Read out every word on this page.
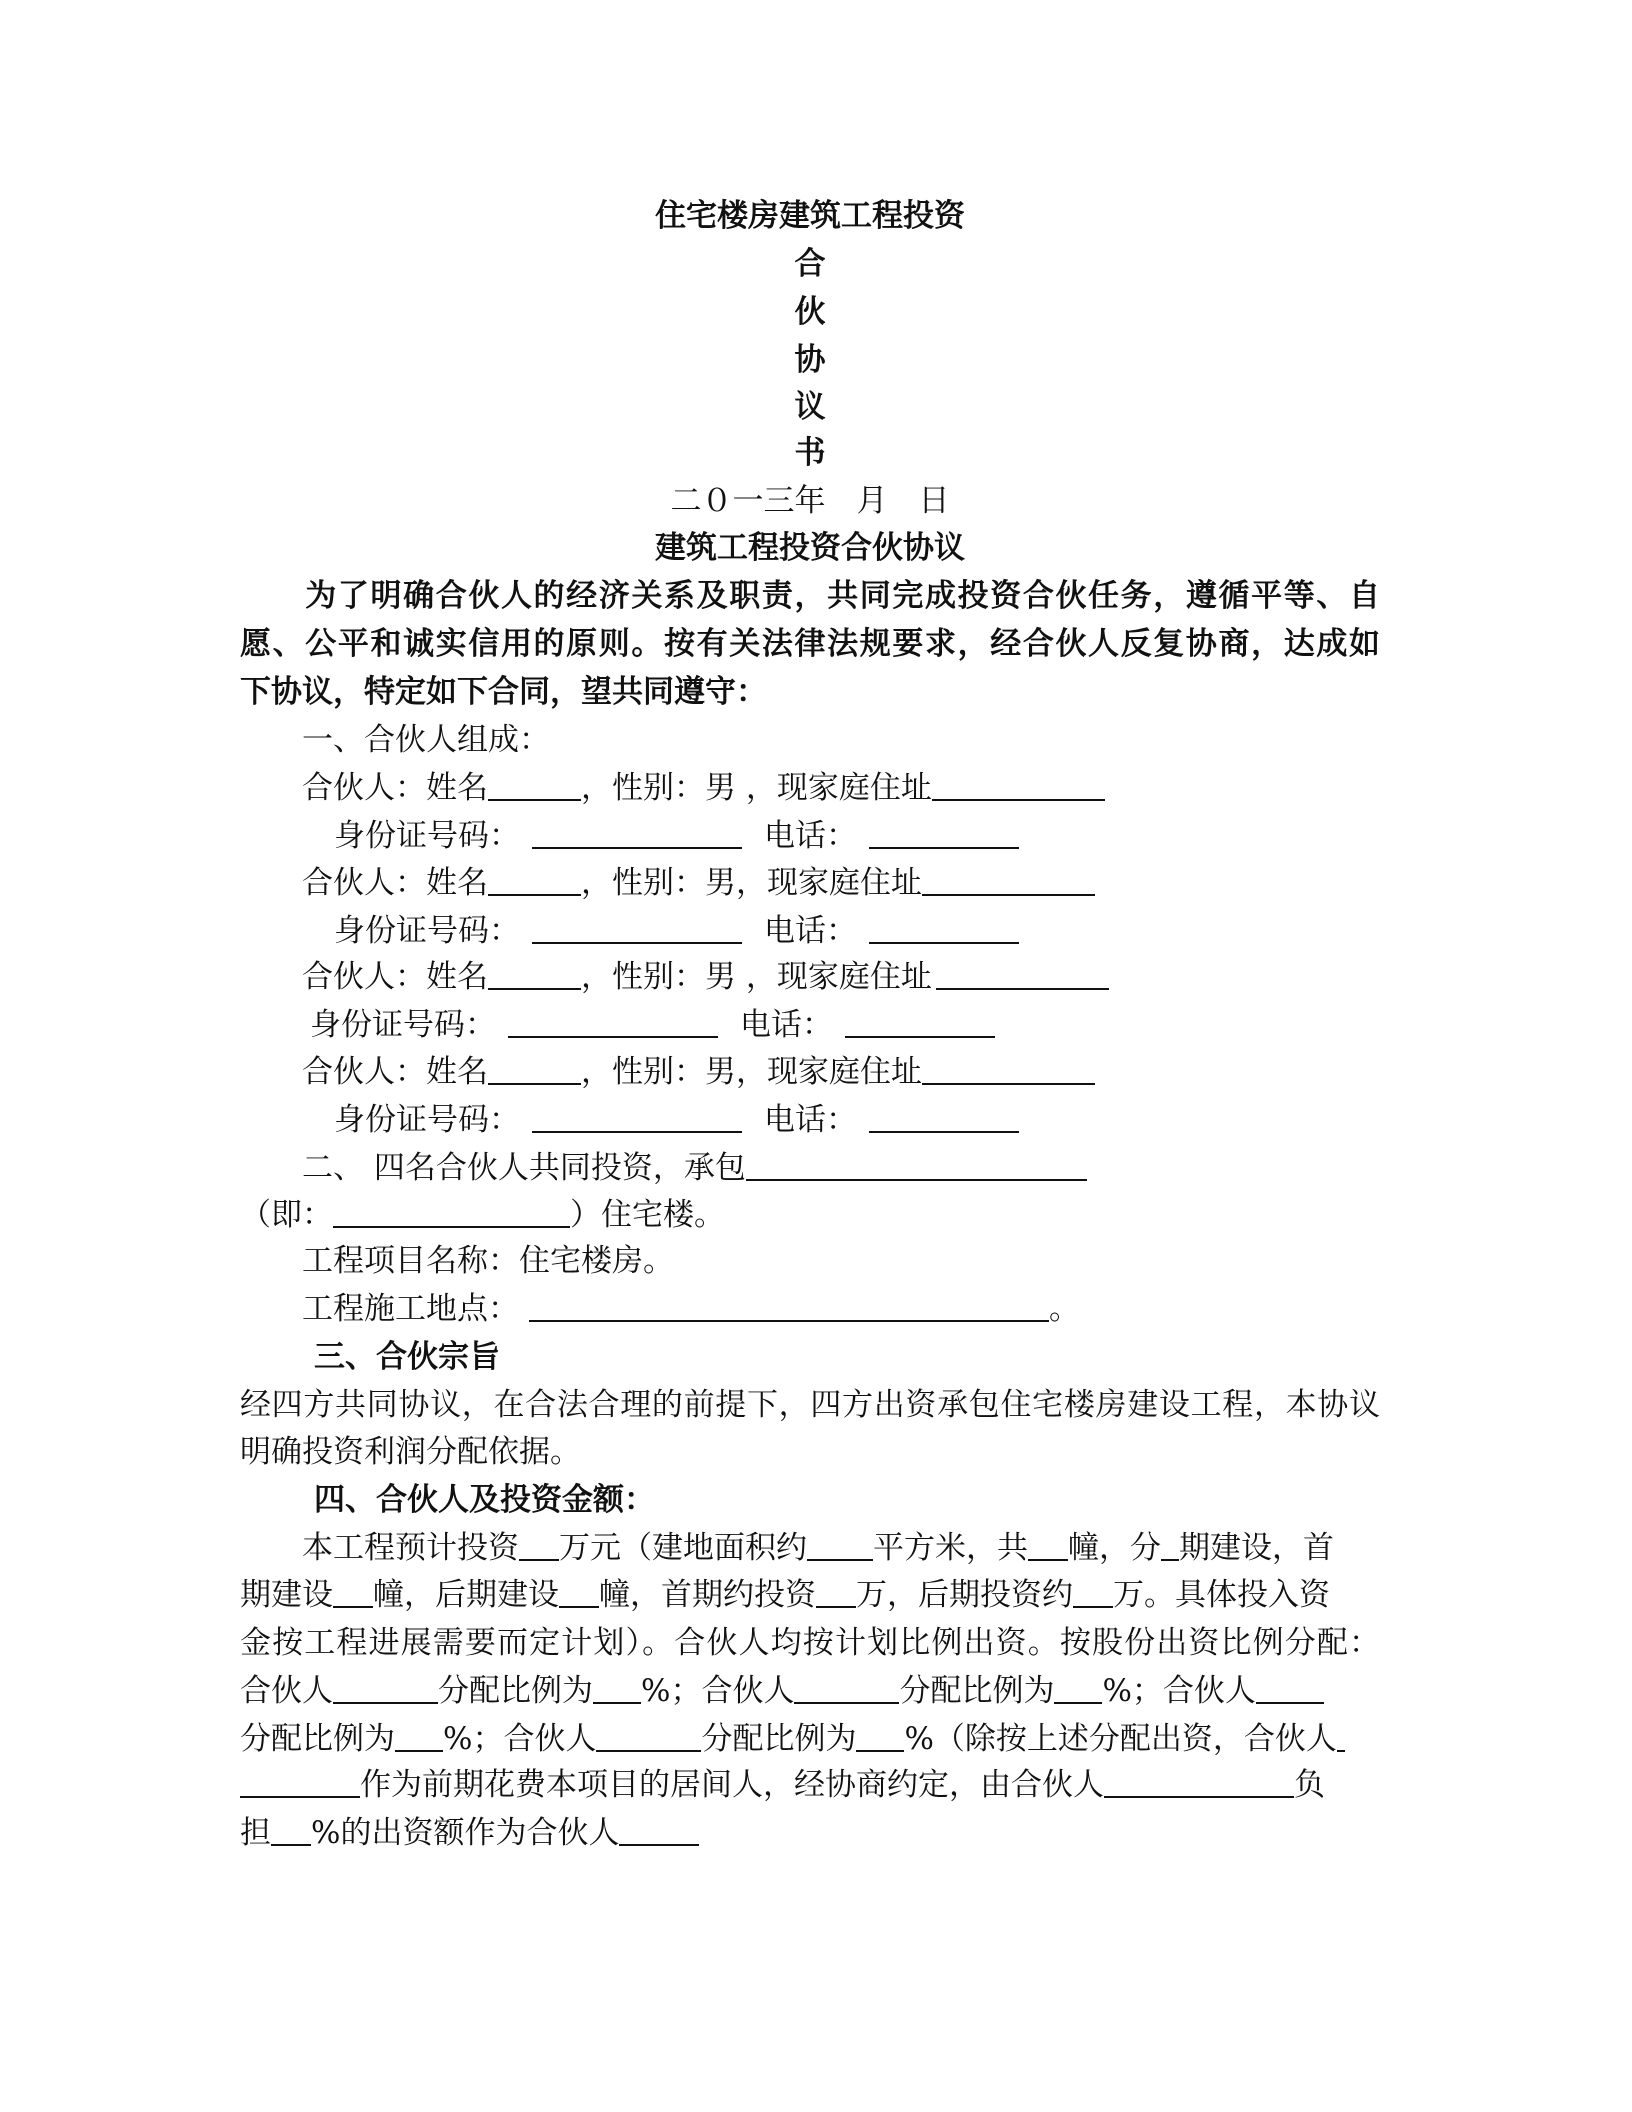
住宅楼房建筑工程投资
合
伙
协
议
书
二０一三年　月　日
建筑工程投资合伙协议
　　为了明确合伙人的经济关系及职责，共同完成投资合伙任务，遵循平等、自
愿、公平和诚实信用的原则。按有关法律法规要求，经合伙人反复协商，达成如
下协议，特定如下合同，望共同遵守：
一、合伙人组成：
合伙人：姓名	，性别：男 ，现家庭住址
身份证号码：	电话：
合伙人：姓名	，性别：男，现家庭住址
身份证号码：	电话：
合伙人：姓名	，性别：男 ，现家庭住址
身份证号码：	电话：
合伙人：姓名	，性别：男，现家庭住址
身份证号码：	电话：
二、 四名合伙人共同投资，承包
（即：	）住宅楼。
工程项目名称：住宅楼房。
工程施工地点：	。
三、合伙宗旨
经四方共同协议，在合法合理的前提下，四方出资承包住宅楼房建设工程，本协议
明确投资利润分配依据。
四、合伙人及投资金额：
本工程预计投资 万元（建地面积约 平方米，共 幢，分 期建设，首
期建设 幢，后期建设 幢，首期约投资 万，后期投资约 万。具体投入资
金按工程进展需要而定计划）。合伙人均按计划比例出资。按股份出资比例分配：
合伙人	分配比例为 %；合伙人	分配比例为 %；合伙人
分配比例为 %；合伙人	分配比例为 %（除按上述分配出资，合伙人
作为前期花费本项目的居间人，经协商约定，由合伙人	负
担 %的出资额作为合伙人
